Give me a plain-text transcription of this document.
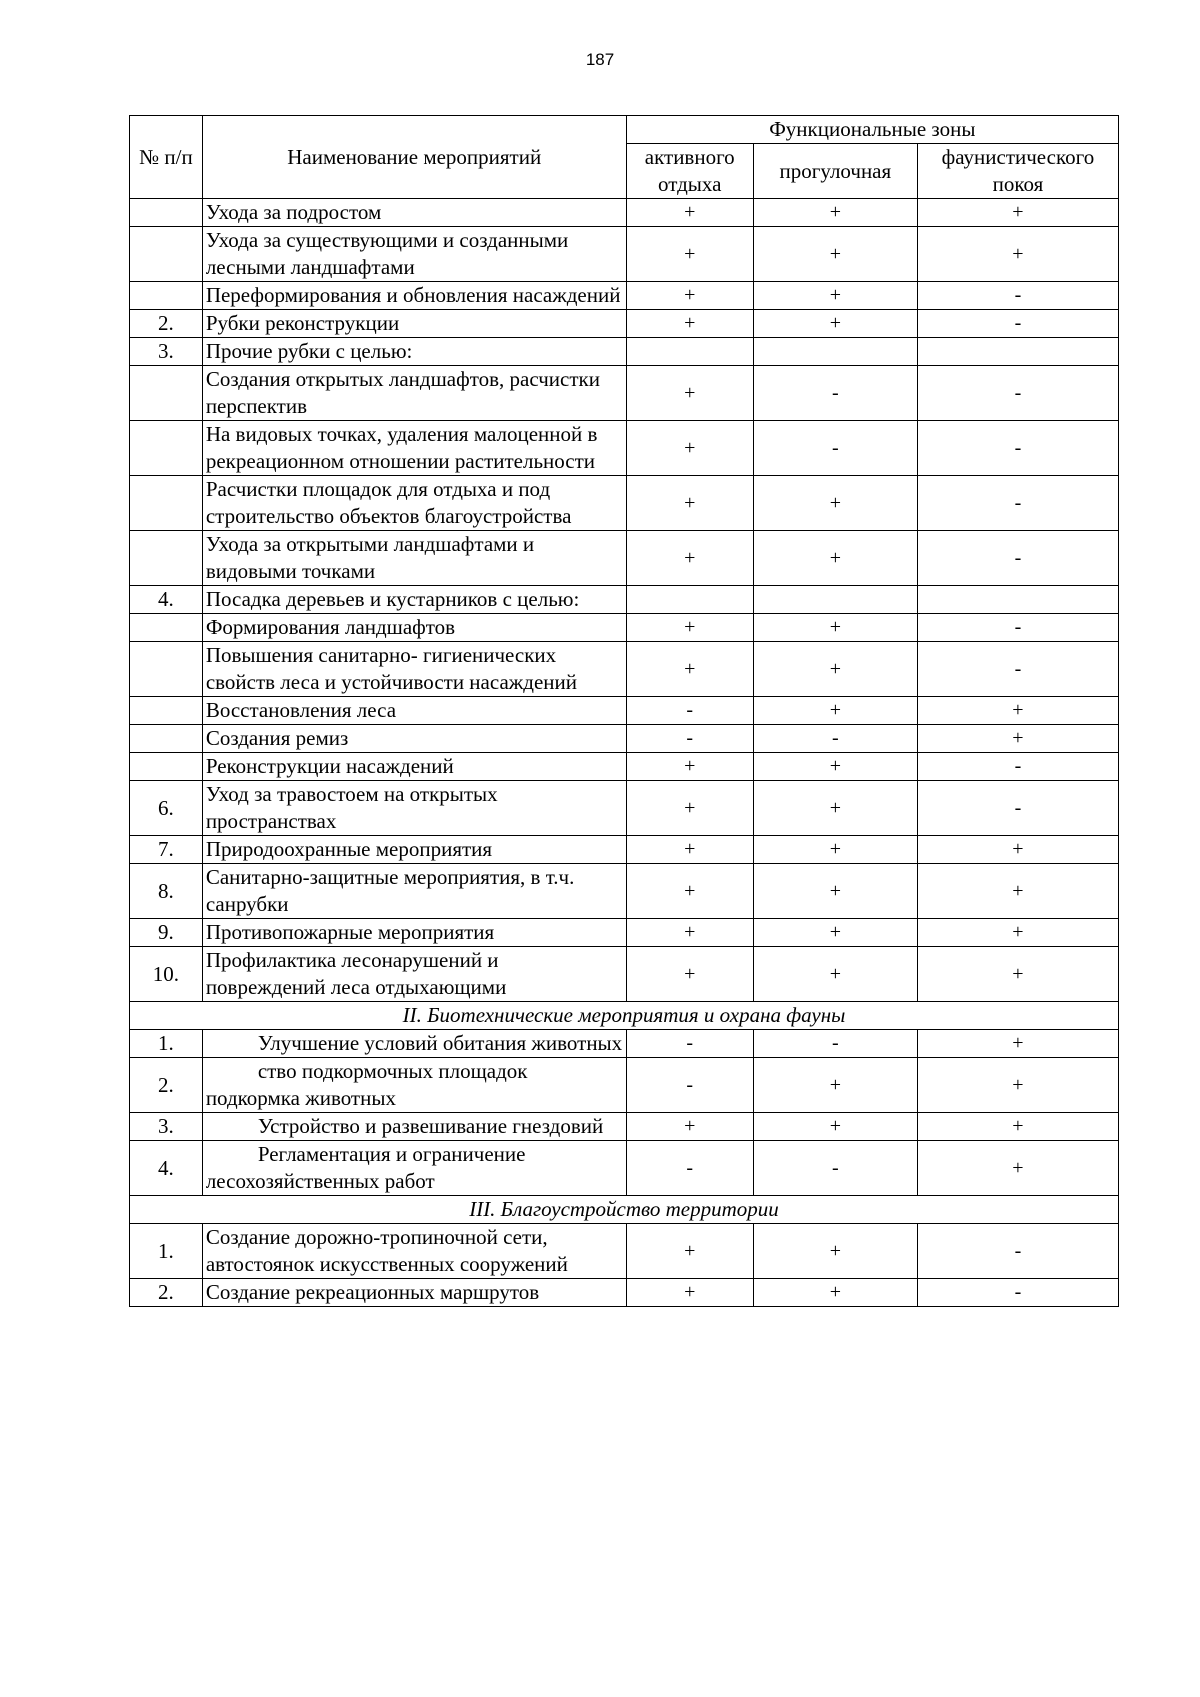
187
№ п/п	Наименование мероприятий	Функциональные зоны		
		активного отдыха	прогулочная	фаунистического покоя
	Ухода за подростом	+	+	+
	Ухода за существующими и созданными лесными ландшафтами	+	+	+
	Переформирования и обновления насаждений	+	+	-
2.	Рубки реконструкции	+	+	-
3.	Прочие рубки с целью:			
	Создания открытых ландшафтов, расчистки перспектив	+	-	-
	На видовых точках, удаления малоценной в рекреационном отношении растительности	+	-	-
	Расчистки площадок для отдыха и под строительство объектов благоустройства	+	+	-
	Ухода за открытыми ландшафтами и видовыми точками	+	+	-
4.	Посадка деревьев и кустарников с целью:			
	Формирования ландшафтов	+	+	-
	Повышения санитарно- гигиенических свойств леса и устойчивости насаждений	+	+	-
	Восстановления леса	-	+	+
	Создания ремиз	-	-	+
	Реконструкции насаждений	+	+	-
6.	Уход за травостоем на открытых пространствах	+	+	-
7.	Природоохранные мероприятия	+	+	+
8.	Санитарно-защитные мероприятия, в т.ч. санрубки	+	+	+
9.	Противопожарные мероприятия	+	+	+
10.	Профилактика лесонарушений и повреждений леса отдыхающими	+	+	+
II. Биотехнические мероприятия и охрана фауны				
1.	Улучшение условий обитания животных	-	-	+
2.	ство подкормочных площадок подкормка животных	-	+	+
3.	Устройство и развешивание гнездовий	+	+	+
4.	Регламентация и ограничение лесохозяйственных работ	-	-	+
III. Благоустройство территории				
1.	Создание дорожно-тропиночной сети, автостоянок искусственных сооружений	+	+	-
2.	Создание рекреационных маршрутов	+	+	-
